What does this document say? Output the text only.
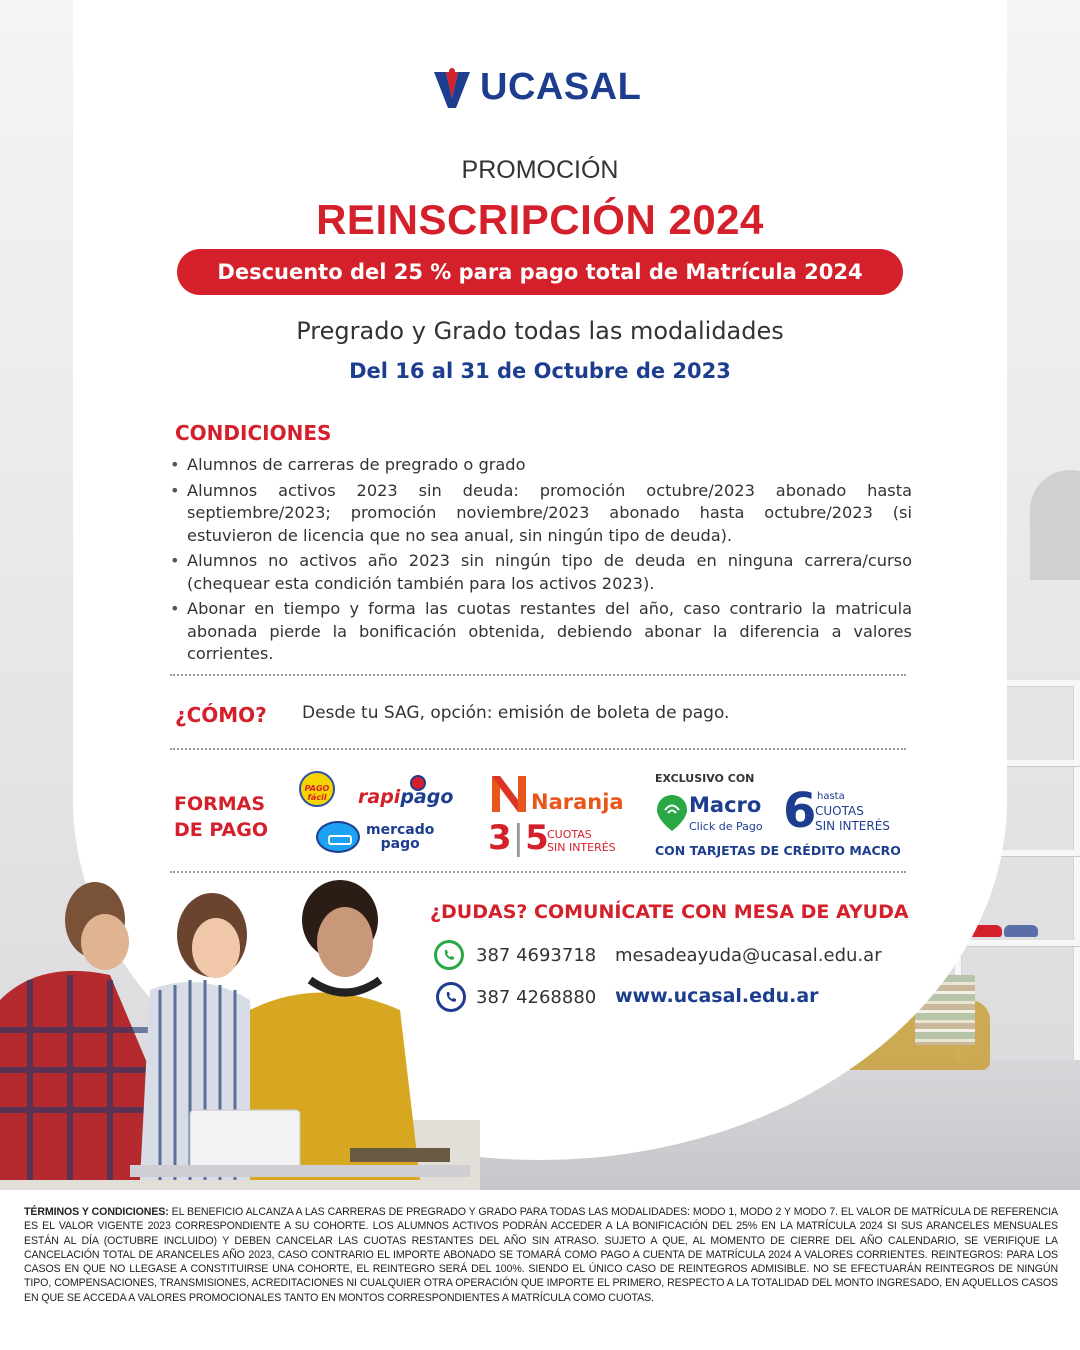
UCASAL
PROMOCIÓN
REINSCRIPCIÓN 2024
Descuento del 25 % para pago total de Matrícula 2024
Pregrado y Grado todas las modalidades
Del 16 al 31 de Octubre de 2023
CONDICIONES
• Alumnos de carreras de pregrado o grado
• Alumnos activos 2023 sin deuda: promoción octubre/2023 abonado hasta septiembre/2023; promoción noviembre/2023 abonado hasta octubre/2023 (si estuvieron de licencia que no sea anual, sin ningún tipo de deuda).
• Alumnos no activos año 2023 sin ningún tipo de deuda en ninguna carrera/curso (chequear esta condición también para los activos 2023).
• Abonar en tiempo y forma las cuotas restantes del año, caso contrario la matricula abonada pierde la bonificación obtenida, debiendo abonar la diferencia a valores corrientes.
¿CÓMO? Desde tu SAG, opción: emisión de boleta de pago.
FORMAS DE PAGO
PAGO fácil	rapipago
mercado
pago
Naranja
3|5
CUOTAS
SIN INTERÉS
EXCLUSIVO CON
Macro
Click de Pago 6 hasta
CUOTAS
SIN INTERÉS
CON TARJETAS DE CRÉDITO MACRO
¿DUDAS? COMUNÍCATE CON MESA DE AYUDA
387 4693718 mesadeayuda@ucasal.edu.ar
387 4268880 www.ucasal.edu.ar

TÉRMINOS Y CONDICIONES: EL BENEFICIO ALCANZA A LAS CARRERAS DE PREGRADO Y GRADO PARA TODAS LAS MODALIDADES: MODO 1, MODO 2 Y MODO 7. EL VALOR DE MATRÍCULA DE REFERENCIA ES EL VALOR VIGENTE 2023 CORRESPONDIENTE A SU COHORTE. LOS ALUMNOS ACTIVOS PODRÁN ACCEDER A LA BONIFICACIÓN DEL 25% EN LA MATRÍCULA 2024 SI SUS ARANCELES MENSUALES ESTÁN AL DÍA (OCTUBRE INCLUIDO) Y DEBEN CANCELAR LAS CUOTAS RESTANTES DEL AÑO SIN ATRASO. SUJETO A QUE, AL MOMENTO DE CIERRE DEL AÑO CALENDARIO, SE VERIFIQUE LA CANCELACIÓN TOTAL DE ARANCELES AÑO 2023, CASO CONTRARIO EL IMPORTE ABONADO SE TOMARÁ COMO PAGO A CUENTA DE MATRÍCULA 2024 A VALORES CORRIENTES. REINTEGROS: PARA LOS CASOS EN QUE NO LLEGASE A CONSTITUIRSE UNA COHORTE, EL REINTEGRO SERÁ DEL 100%. SIENDO EL ÚNICO CASO DE REINTEGROS ADMISIBLE. NO SE EFECTUARÁN REINTEGROS DE NINGÚN TIPO, COMPENSACIONES, TRANSMISIONES, ACREDITACIONES NI CUALQUIER OTRA OPERACIÓN QUE IMPORTE EL PRIMERO, RESPECTO A LA TOTALIDAD DEL MONTO INGRESADO, EN AQUELLOS CASOS EN QUE SE ACCEDA A VALORES PROMOCIONALES TANTO EN MONTOS CORRESPONDIENTES A MATRÍCULA COMO CUOTAS.
